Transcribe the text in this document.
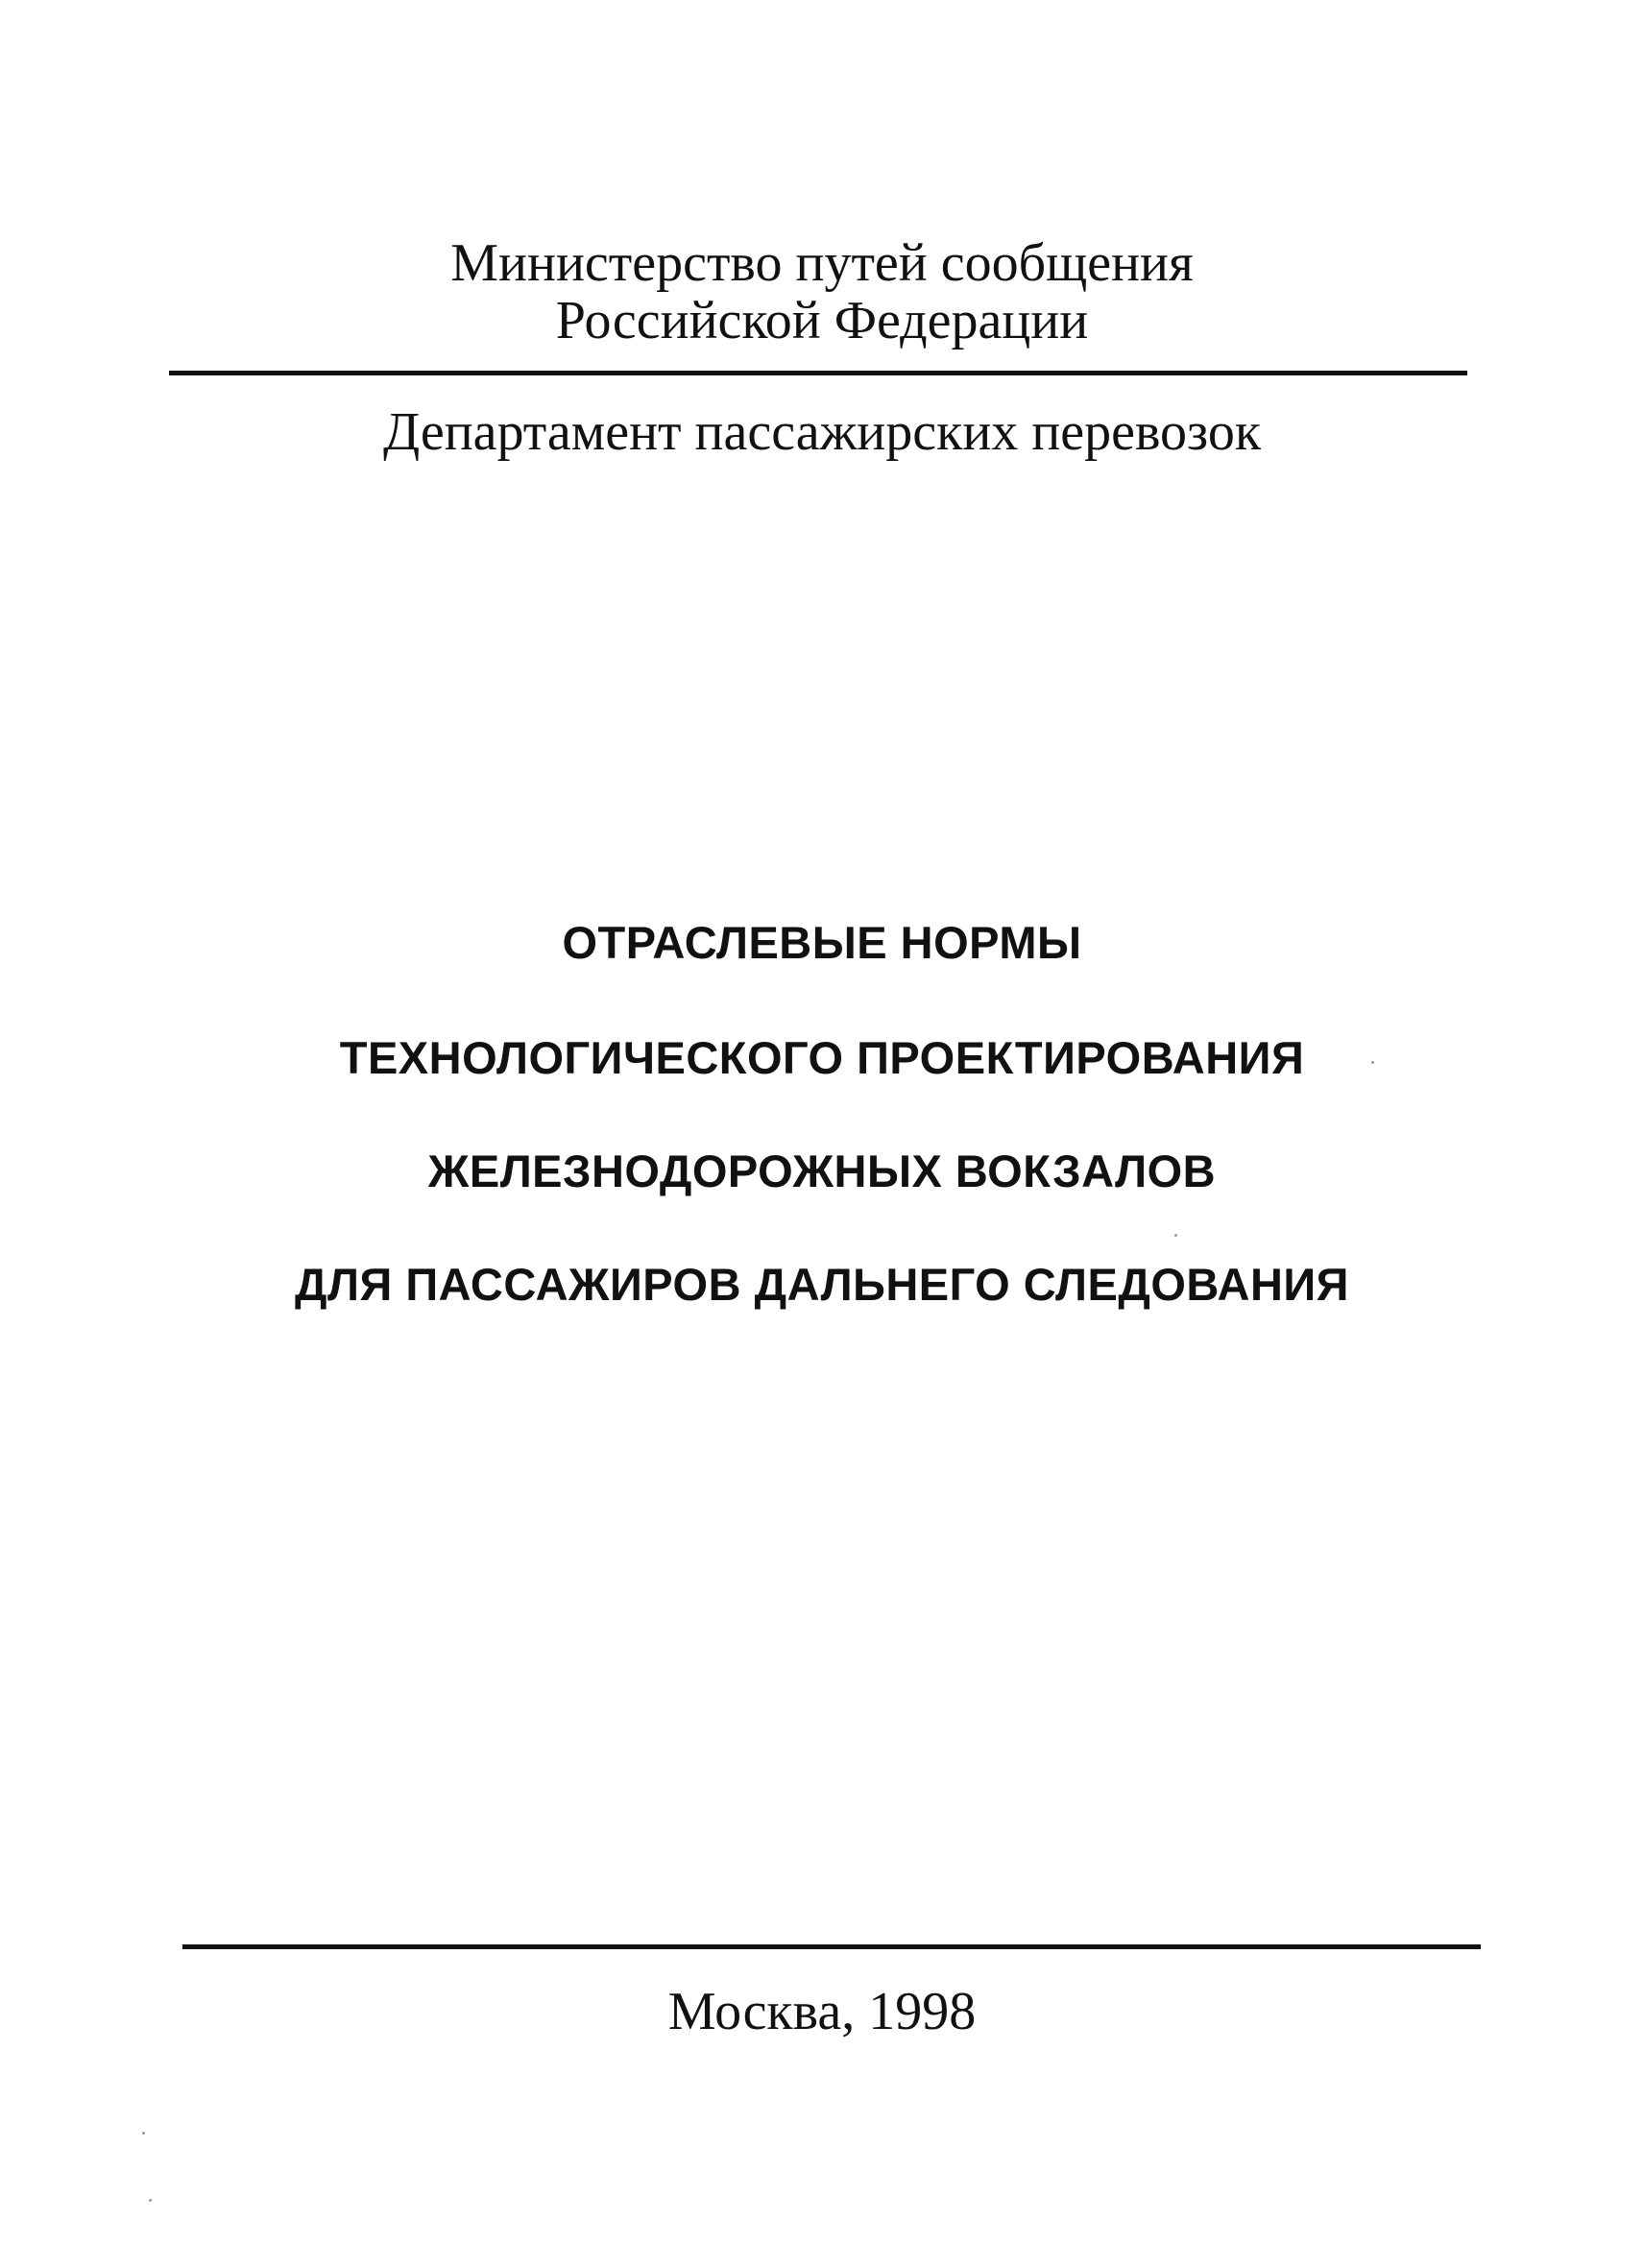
Министерство путей сообщения
Российской Федерации
Департамент пассажирских перевозок
ОТРАСЛЕВЫЕ НОРМЫ
ТЕХНОЛОГИЧЕСКОГО ПРОЕКТИРОВАНИЯ
ЖЕЛЕЗНОДОРОЖНЫХ ВОКЗАЛОВ
ДЛЯ ПАССАЖИРОВ ДАЛЬНЕГО СЛЕДОВАНИЯ
Москва, 1998
